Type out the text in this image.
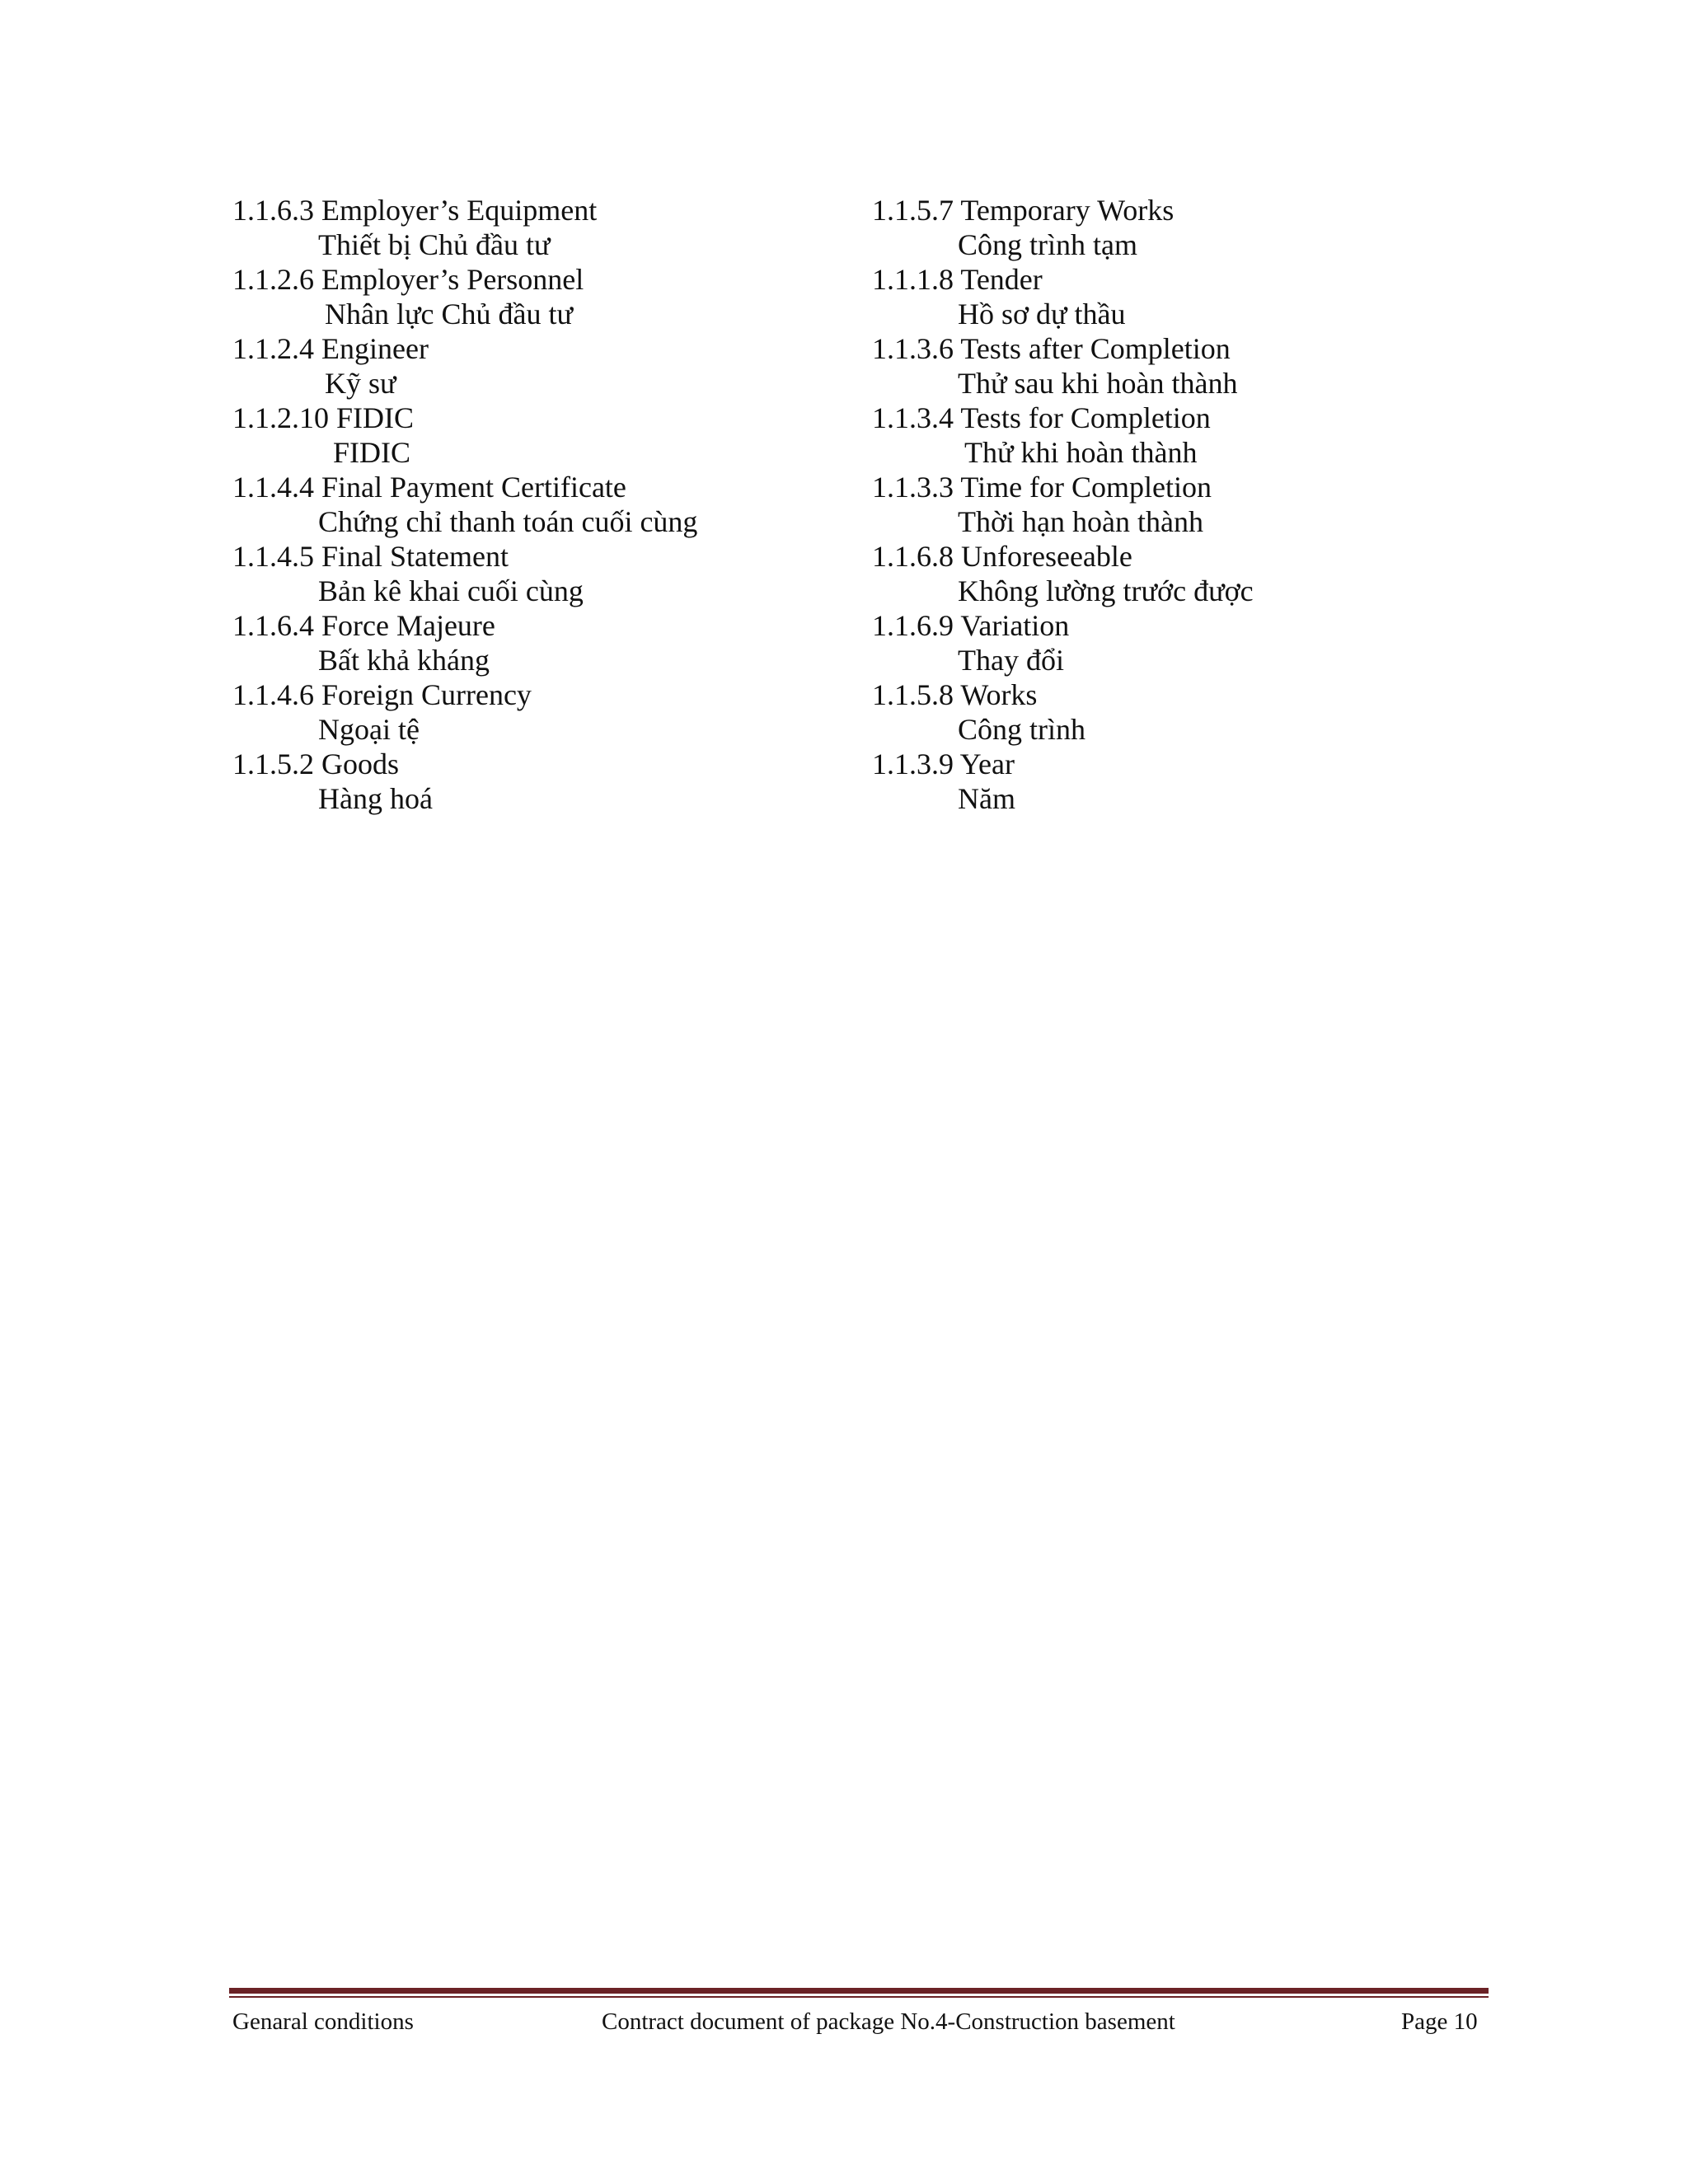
1.1.6.3 Employer’s Equipment
Thiết bị Chủ đầu tư
1.1.2.6 Employer’s Personnel
Nhân lực Chủ đầu tư
1.1.2.4 Engineer
Kỹ sư
1.1.2.10 FIDIC
FIDIC
1.1.4.4 Final Payment Certificate
Chứng chỉ thanh toán cuối cùng
1.1.4.5 Final Statement
Bản kê khai cuối cùng
1.1.6.4 Force Majeure
Bất khả kháng
1.1.4.6 Foreign Currency
Ngoại tệ
1.1.5.2 Goods
Hàng hoá
1.1.5.7 Temporary Works
Công trình tạm
1.1.1.8 Tender
Hồ sơ dự thầu
1.1.3.6 Tests after Completion
Thử sau khi hoàn thành
1.1.3.4 Tests for Completion
Thử khi hoàn thành
1.1.3.3 Time for Completion
Thời hạn hoàn thành
1.1.6.8 Unforeseeable
Không lường trước được
1.1.6.9 Variation
Thay đổi
1.1.5.8 Works
Công trình
1.1.3.9 Year
Năm
Genaral conditions	Contract document of package No.4-Construction basement	Page 10
